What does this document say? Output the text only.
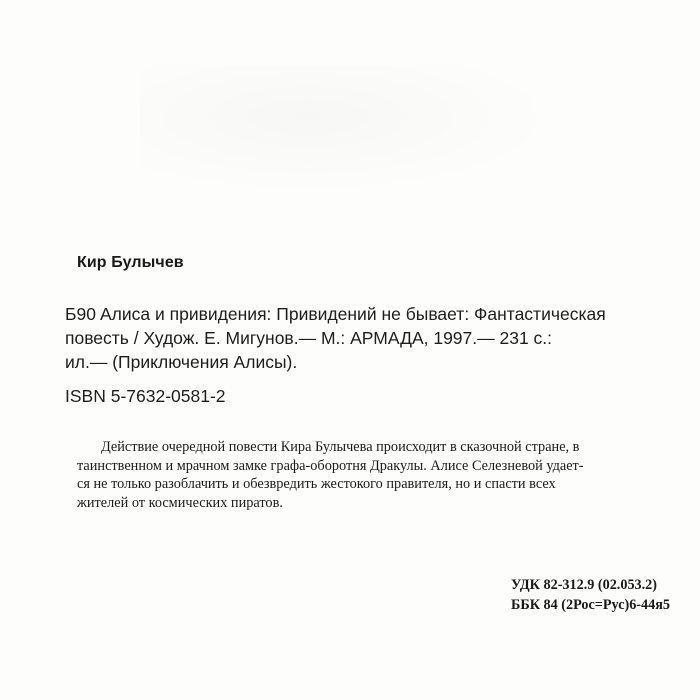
Кир Булычев
Б90 Алиса и привидения: Привидений не бывает: Фантастическая
повесть / Худож. Е. Мигунов.— М.: АРМАДА, 1997.— 231 с.:
ил.— (Приключения Алисы).
ISBN 5-7632-0581-2
Действие очередной повести Кира Булычева происходит в сказочной стране, в
таинственном и мрачном замке графа-оборотня Дракулы. Алисе Селезневой удает-
ся не только разоблачить и обезвредить жестокого правителя, но и спасти всех
жителей от космических пиратов.
УДК 82-312.9 (02.053.2)
ББК 84 (2Рос=Рус)6-44я5
